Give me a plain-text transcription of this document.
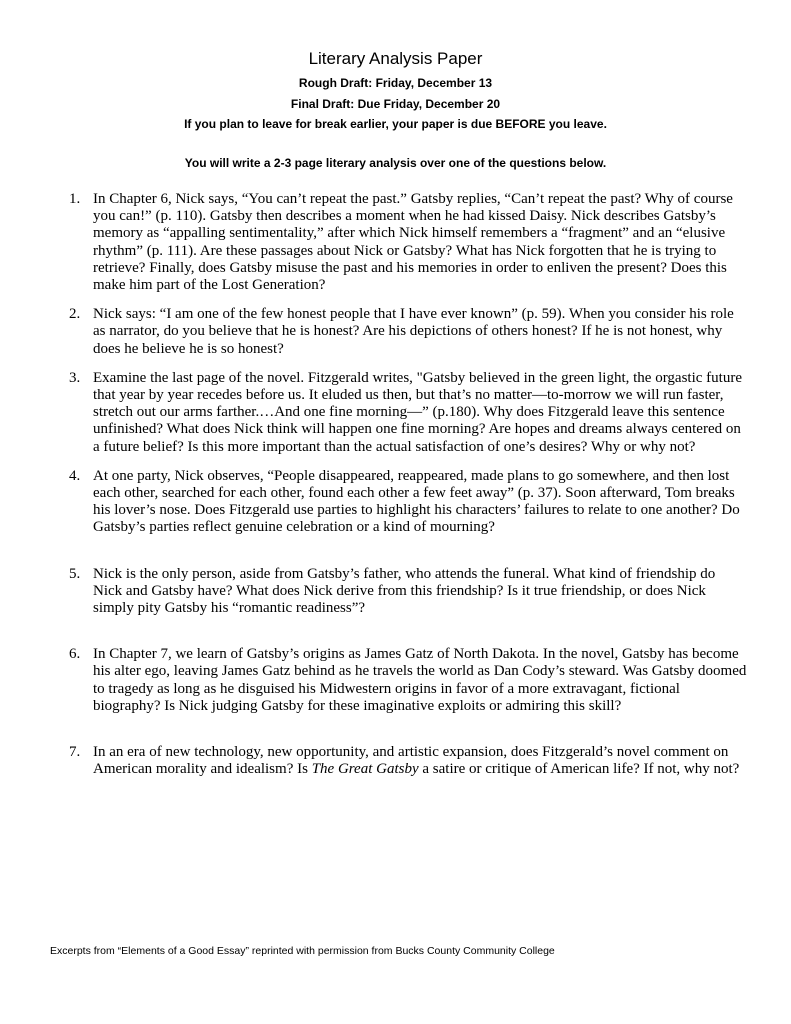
Literary Analysis Paper
Rough Draft: Friday, December 13
Final Draft: Due Friday, December 20
If you plan to leave for break earlier, your paper is due BEFORE you leave.
You will write a 2-3 page literary analysis over one of the questions below.
1. In Chapter 6, Nick says, “You can’t repeat the past.” Gatsby replies, “Can’t repeat the past? Why of course you can!” (p. 110). Gatsby then describes a moment when he had kissed Daisy. Nick describes Gatsby’s memory as “appalling sentimentality,” after which Nick himself remembers a “fragment” and an “elusive rhythm” (p. 111). Are these passages about Nick or Gatsby? What has Nick forgotten that he is trying to retrieve? Finally, does Gatsby misuse the past and his memories in order to enliven the present? Does this make him part of the Lost Generation?
2. Nick says: “I am one of the few honest people that I have ever known” (p. 59). When you consider his role as narrator, do you believe that he is honest? Are his depictions of others honest? If he is not honest, why does he believe he is so honest?
3. Examine the last page of the novel. Fitzgerald writes, "Gatsby believed in the green light, the orgastic future that year by year recedes before us. It eluded us then, but that’s no matter—to-morrow we will run faster, stretch out our arms farther.…And one fine morning—” (p.180). Why does Fitzgerald leave this sentence unfinished? What does Nick think will happen one fine morning? Are hopes and dreams always centered on a future belief? Is this more important than the actual satisfaction of one’s desires? Why or why not?
4. At one party, Nick observes, “People disappeared, reappeared, made plans to go somewhere, and then lost each other, searched for each other, found each other a few feet away” (p. 37). Soon afterward, Tom breaks his lover’s nose. Does Fitzgerald use parties to highlight his characters’ failures to relate to one another? Do Gatsby’s parties reflect genuine celebration or a kind of mourning?
5. Nick is the only person, aside from Gatsby’s father, who attends the funeral. What kind of friendship do Nick and Gatsby have? What does Nick derive from this friendship? Is it true friendship, or does Nick simply pity Gatsby his “romantic readiness”?
6. In Chapter 7, we learn of Gatsby’s origins as James Gatz of North Dakota. In the novel, Gatsby has become his alter ego, leaving James Gatz behind as he travels the world as Dan Cody’s steward. Was Gatsby doomed to tragedy as long as he disguised his Midwestern origins in favor of a more extravagant, fictional biography? Is Nick judging Gatsby for these imaginative exploits or admiring this skill?
7. In an era of new technology, new opportunity, and artistic expansion, does Fitzgerald’s novel comment on American morality and idealism? Is The Great Gatsby a satire or critique of American life? If not, why not?
Excerpts from “Elements of a Good Essay” reprinted with permission from Bucks County Community College
